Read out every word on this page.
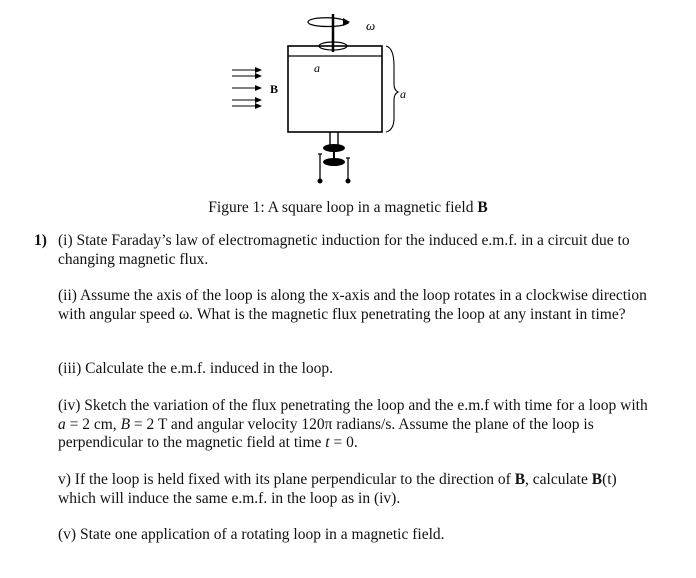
ω
a
a
B
Figure 1: A square loop in a magnetic field B
1) (i) State Faraday’s law of electromagnetic induction for the induced e.m.f. in a circuit due to changing magnetic flux.
(ii) Assume the axis of the loop is along the x-axis and the loop rotates in a clockwise direction with angular speed ω. What is the magnetic flux penetrating the loop at any instant in time?
(iii) Calculate the e.m.f. induced in the loop.
(iv) Sketch the variation of the flux penetrating the loop and the e.m.f with time for a loop with a = 2 cm, B = 2 T and angular velocity 120π radians/s. Assume the plane of the loop is perpendicular to the magnetic field at time t = 0.
v) If the loop is held fixed with its plane perpendicular to the direction of B, calculate B(t) which will induce the same e.m.f. in the loop as in (iv).
(v) State one application of a rotating loop in a magnetic field.
